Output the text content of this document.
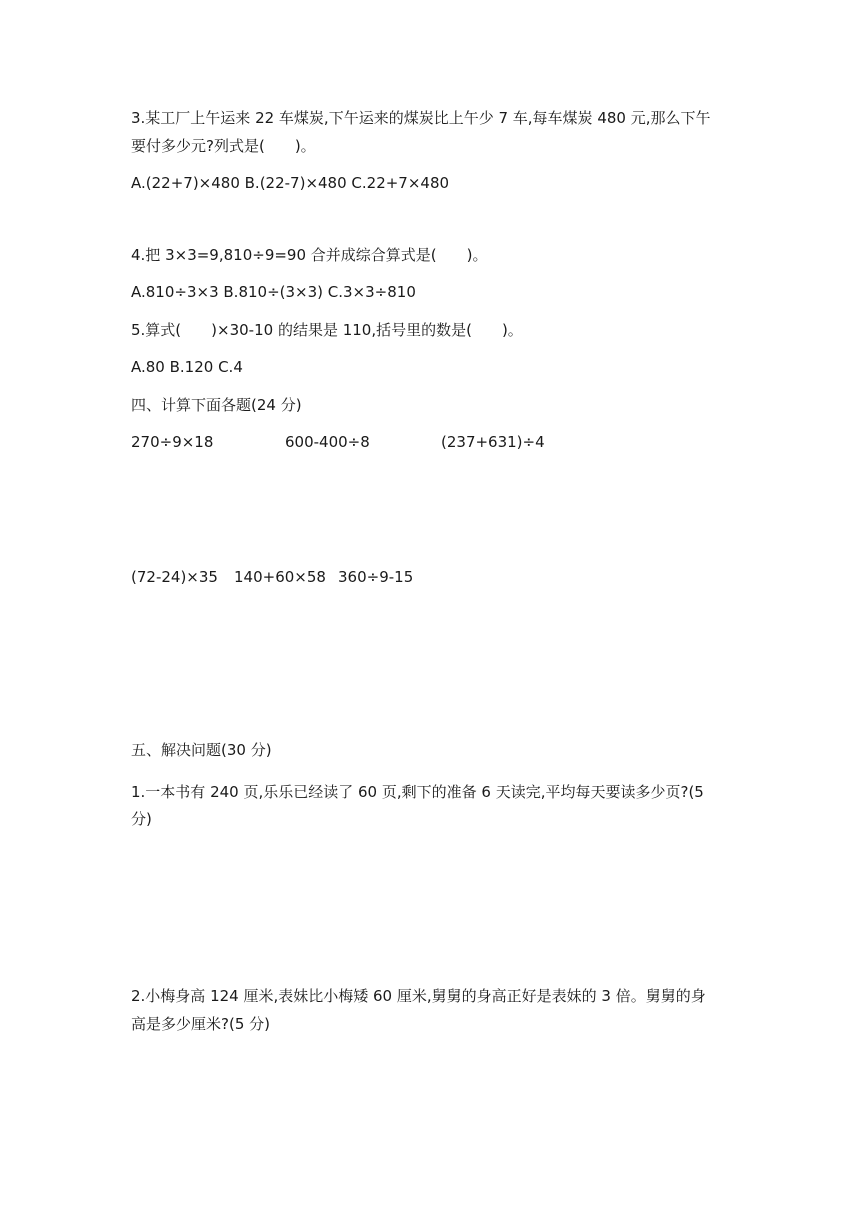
3.某工厂上午运来 22 车煤炭,下午运来的煤炭比上午少 7 车,每车煤炭 480 元,那么下午
要付多少元?列式是(　　)。
A.(22+7)×480 B.(22-7)×480 C.22+7×480
4.把 3×3=9,810÷9=90 合并成综合算式是(　　)。
A.810÷3×3 B.810÷(3×3) C.3×3÷810
5.算式(　　)×30-10 的结果是 110,括号里的数是(　　)。
A.80 B.120 C.4
四、计算下面各题(24 分)
270÷9×18	600-400÷8	(237+631)÷4
(72-24)×35 140+60×58 360÷9-15
五、解决问题(30 分)
1.一本书有 240 页,乐乐已经读了 60 页,剩下的准备 6 天读完,平均每天要读多少页?(5
分)
2.小梅身高 124 厘米,表妹比小梅矮 60 厘米,舅舅的身高正好是表妹的 3 倍。舅舅的身
高是多少厘米?(5 分)
